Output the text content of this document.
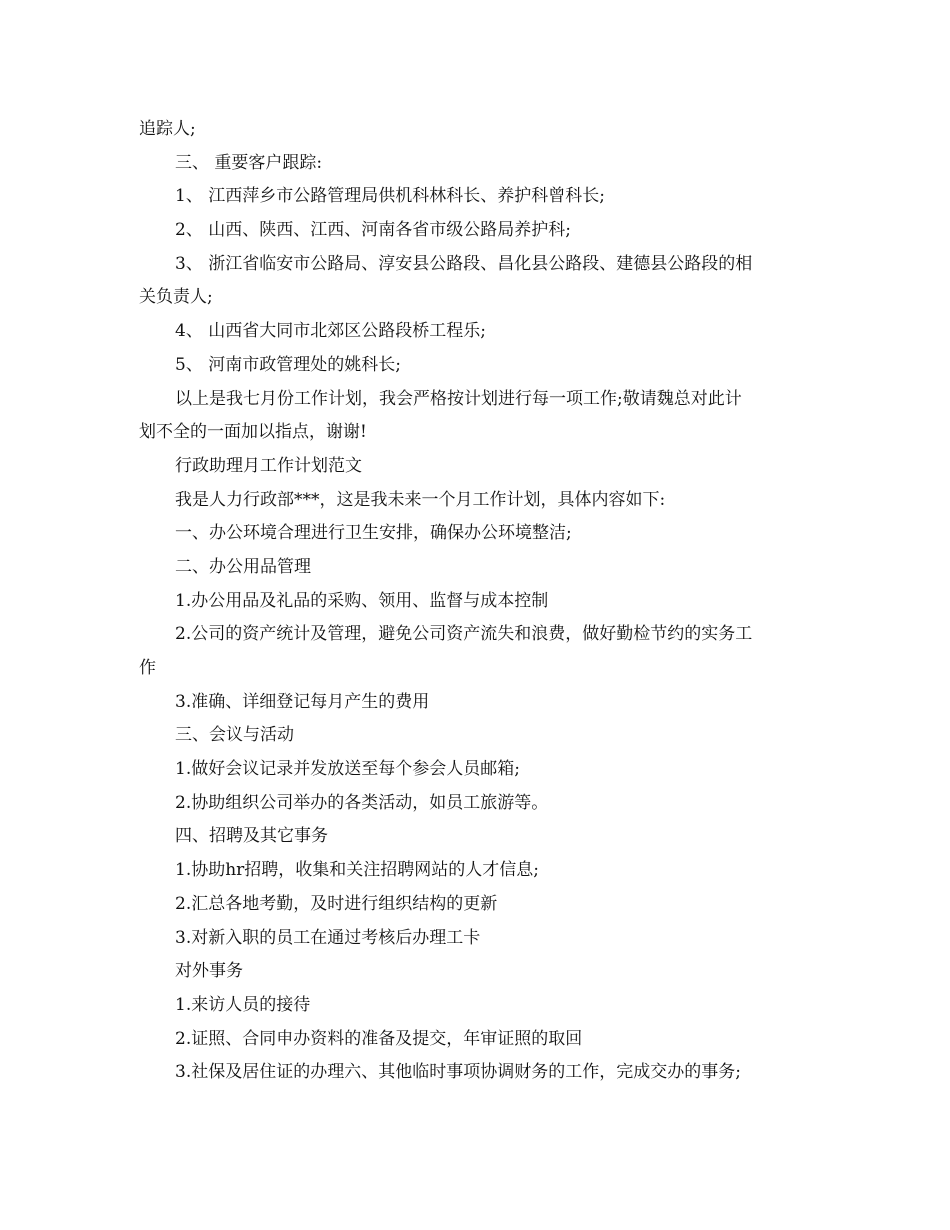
追踪人;
三、 重要客户跟踪:
1、 江西萍乡市公路管理局供机科林科长、养护科曾科长;
2、 山西、陕西、江西、河南各省市级公路局养护科;
3、 浙江省临安市公路局、淳安县公路段、昌化县公路段、建德县公路段的相
关负责人;
4、 山西省大同市北郊区公路段桥工程乐;
5、 河南市政管理处的姚科长;
以上是我七月份工作计划，我会严格按计划进行每一项工作;敬请魏总对此计
划不全的一面加以指点，谢谢!
行政助理月工作计划范文
我是人力行政部***，这是我未来一个月工作计划，具体内容如下:
一、办公环境合理进行卫生安排，确保办公环境整洁;
二、办公用品管理
1.办公用品及礼品的采购、领用、监督与成本控制
2.公司的资产统计及管理，避免公司资产流失和浪费，做好勤检节约的实务工
作
3.准确、详细登记每月产生的费用
三、会议与活动
1.做好会议记录并发放送至每个参会人员邮箱;
2.协助组织公司举办的各类活动，如员工旅游等。
四、招聘及其它事务
1.协助hr招聘，收集和关注招聘网站的人才信息;
2.汇总各地考勤，及时进行组织结构的更新
3.对新入职的员工在通过考核后办理工卡
对外事务
1.来访人员的接待
2.证照、合同申办资料的准备及提交，年审证照的取回
3.社保及居住证的办理六、其他临时事项协调财务的工作，完成交办的事务;
